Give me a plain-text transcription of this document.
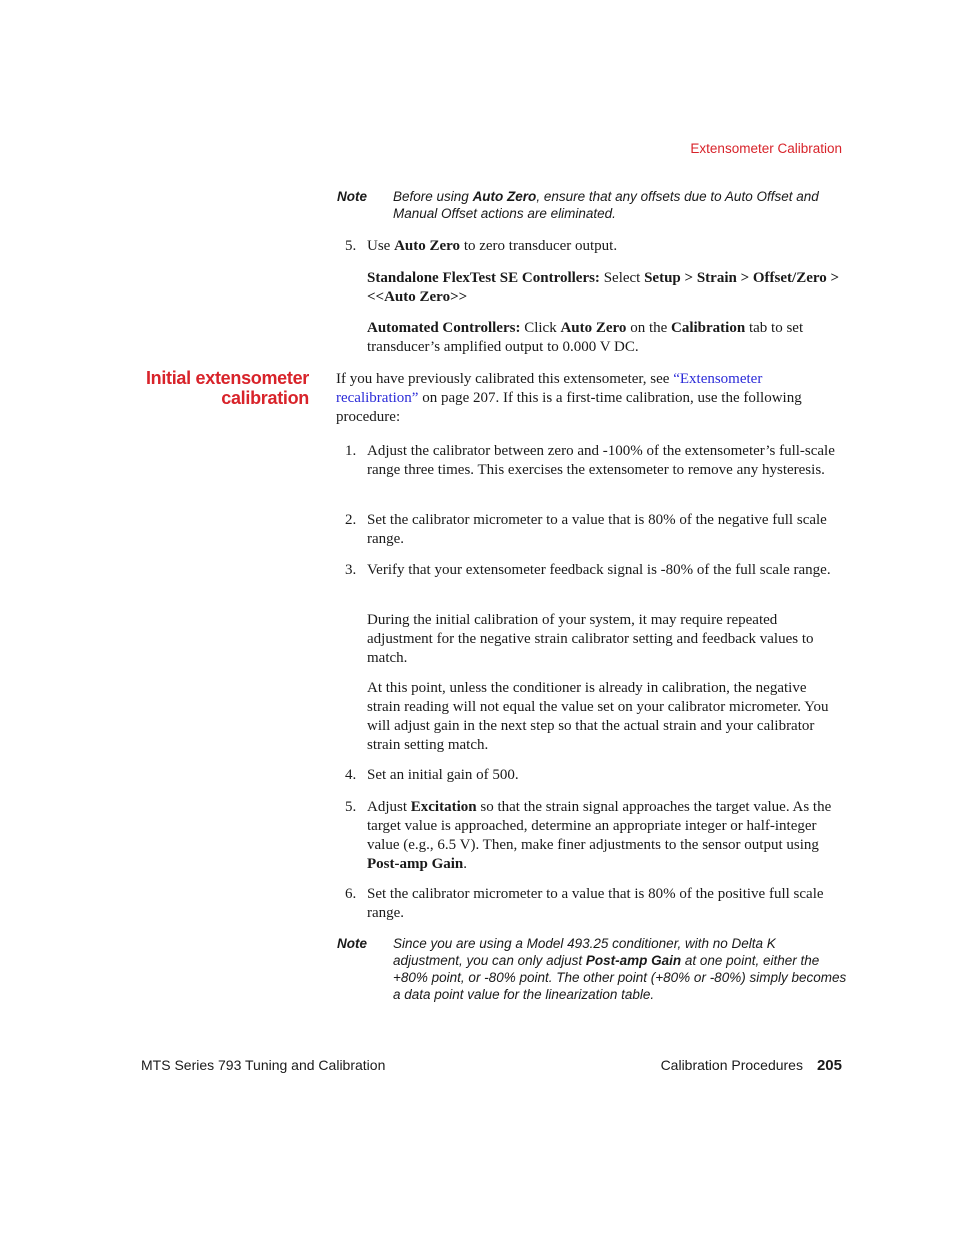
Extensometer Calibration
Note Before using Auto Zero, ensure that any offsets due to Auto Offset and Manual Offset actions are eliminated.
5. Use Auto Zero to zero transducer output.
Standalone FlexTest SE Controllers: Select Setup > Strain > Offset/Zero > <<Auto Zero>>
Automated Controllers: Click Auto Zero on the Calibration tab to set transducer’s amplified output to 0.000 V DC.
Initial extensometer
calibration
If you have previously calibrated this extensometer, see “Extensometer recalibration” on page 207. If this is a first-time calibration, use the following procedure:
1. Adjust the calibrator between zero and -100% of the extensometer’s full-scale range three times. This exercises the extensometer to remove any hysteresis.
2. Set the calibrator micrometer to a value that is 80% of the negative full scale range.
3. Verify that your extensometer feedback signal is -80% of the full scale range.
During the initial calibration of your system, it may require repeated adjustment for the negative strain calibrator setting and feedback values to match.
At this point, unless the conditioner is already in calibration, the negative strain reading will not equal the value set on your calibrator micrometer. You will adjust gain in the next step so that the actual strain and your calibrator strain setting match.
4. Set an initial gain of 500.
5. Adjust Excitation so that the strain signal approaches the target value. As the target value is approached, determine an appropriate integer or half-integer value (e.g., 6.5 V). Then, make finer adjustments to the sensor output using Post-amp Gain.
6. Set the calibrator micrometer to a value that is 80% of the positive full scale range.
Note Since you are using a Model 493.25 conditioner, with no Delta K adjustment, you can only adjust Post-amp Gain at one point, either the +80% point, or -80% point. The other point (+80% or -80%) simply becomes a data point value for the linearization table.
MTS Series 793 Tuning and Calibration	Calibration Procedures 205
